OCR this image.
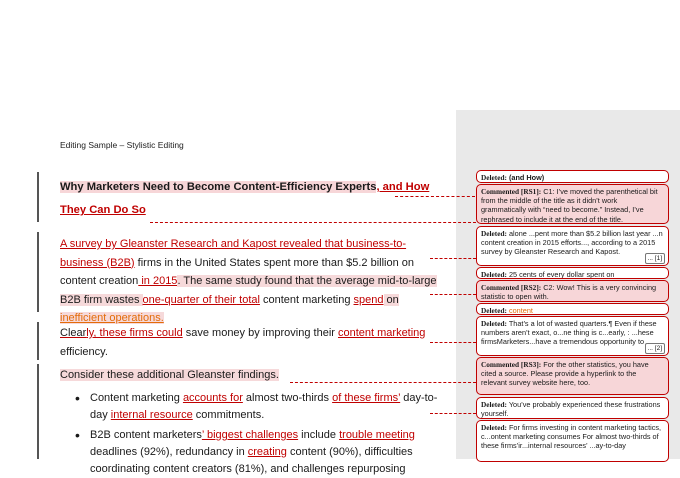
Editing Sample – Stylistic Editing
Why Marketers Need to Become Content-Efficiency Experts, and How
They Can Do So
A survey by Gleanster Research and Kapost revealed that business-to-business (B2B) firms in the United States spent more than $5.2 billion on content creation in 2015. The same study found that the average mid-to-large B2B firm wastes one-quarter of their total content marketing spend on inefficient operations.
Clearly, these firms could save money by improving their content marketing efficiency.
Consider these additional Gleanster findings.
• Content marketing accounts for almost two-thirds of these firms’ day-to-day internal resource commitments.
• B2B content marketers’ biggest challenges include trouble meeting deadlines (92%), redundancy in creating content (90%), difficulties coordinating content creators (81%), and challenges repurposing
Deleted: (and How)
Commented [RS1]: C1: I’ve moved the parenthetical bit from the middle of the title as it didn’t work grammatically with “need to become.” Instead, I’ve rephrased to include it at the end of the title.
Deleted: alone ...pent more than $5.2 billion last year ...n content creation in 2015 efforts..., according to a 2015 survey by Gleanster Research and Kapost.
... [1]
Deleted: 25 cents of every dollar spent on
Commented [RS2]: C2: Wow! This is a very convincing statistic to open with.
Deleted: content
Deleted: That’s a lot of wasted quarters.¶ Even if these numbers aren’t exact, o...ne thing is c...early, : ...hese firmsMarketers...have a tremendous opportunity to
... [2]
Commented [RS3]: For the other statistics, you have cited a source. Please provide a hyperlink to the relevant survey website here, too.
Deleted: You’ve probably experienced these frustrations yourself.
Deleted: For firms investing in content marketing tactics, c...ontent marketing consumes For almost two-thirds of these firms’ir...internal resources’ ...ay-to-day
